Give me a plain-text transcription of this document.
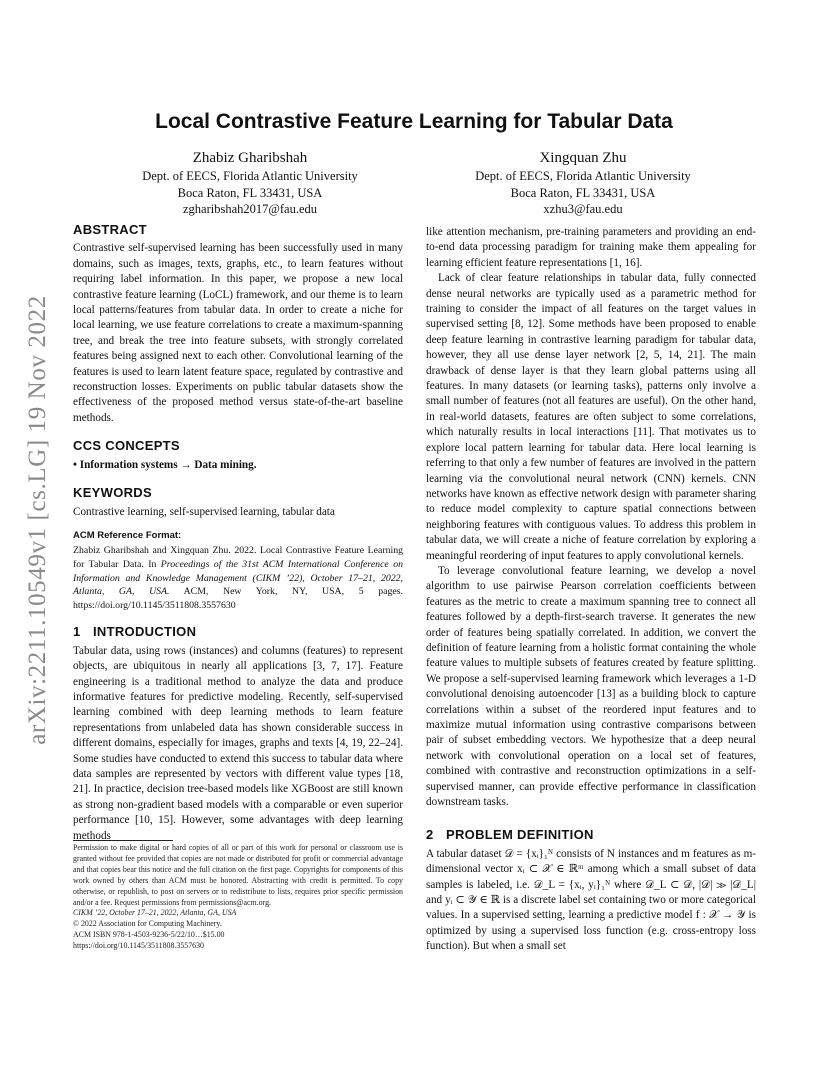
arXiv:2211.10549v1 [cs.LG] 19 Nov 2022
Local Contrastive Feature Learning for Tabular Data
Zhabiz Gharibshah
Dept. of EECS, Florida Atlantic University
Boca Raton, FL 33431, USA
zgharibshah2017@fau.edu
Xingquan Zhu
Dept. of EECS, Florida Atlantic University
Boca Raton, FL 33431, USA
xzhu3@fau.edu
ABSTRACT

Contrastive self-supervised learning has been successfully used in many domains, such as images, texts, graphs, etc., to learn features without requiring label information. In this paper, we propose a new local contrastive feature learning (LoCL) framework, and our theme is to learn local patterns/features from tabular data. In order to create a niche for local learning, we use feature correlations to create a maximum-spanning tree, and break the tree into feature subsets, with strongly correlated features being assigned next to each other. Convolutional learning of the features is used to learn latent feature space, regulated by contrastive and reconstruction losses. Experiments on public tabular datasets show the effectiveness of the proposed method versus state-of-the-art baseline methods.

CCS CONCEPTS

• Information systems → Data mining.

KEYWORDS

Contrastive learning, self-supervised learning, tabular data

ACM Reference Format:

Zhabiz Gharibshah and Xingquan Zhu. 2022. Local Contrastive Feature Learning for Tabular Data. In Proceedings of the 31st ACM International Conference on Information and Knowledge Management (CIKM ’22), October 17–21, 2022, Atlanta, GA, USA. ACM, New York, NY, USA, 5 pages. https://doi.org/10.1145/3511808.3557630

1 INTRODUCTION

Tabular data, using rows (instances) and columns (features) to represent objects, are ubiquitous in nearly all applications [3, 7, 17]. Feature engineering is a traditional method to analyze the data and produce informative features for predictive modeling. Recently, self-supervised learning combined with deep learning methods to learn feature representations from unlabeled data has shown considerable success in different domains, especially for images, graphs and texts [4, 19, 22–24]. Some studies have conducted to extend this success to tabular data where data samples are represented by vectors with different value types [18, 21]. In practice, decision tree-based models like XGBoost are still known as strong non-gradient based models with a comparable or even superior performance [10, 15]. However, some advantages with deep learning methods

Permission to make digital or hard copies of all or part of this work for personal or classroom use is granted without fee provided that copies are not made or distributed for profit or commercial advantage and that copies bear this notice and the full citation on the first page. Copyrights for components of this work owned by others than ACM must be honored. Abstracting with credit is permitted. To copy otherwise, or republish, to post on servers or to redistribute to lists, requires prior specific permission and/or a fee. Request permissions from permissions@acm.org.

CIKM ’22, October 17–21, 2022, Atlanta, GA, USA

© 2022 Association for Computing Machinery.

ACM ISBN 978-1-4503-9236-5/22/10…$15.00

https://doi.org/10.1145/3511808.3557630

like attention mechanism, pre-training parameters and providing an end-to-end data processing paradigm for training make them appealing for learning efficient feature representations [1, 16].

Lack of clear feature relationships in tabular data, fully connected dense neural networks are typically used as a parametric method for training to consider the impact of all features on the target values in supervised setting [8, 12]. Some methods have been proposed to enable deep feature learning in contrastive learning paradigm for tabular data, however, they all use dense layer network [2, 5, 14, 21]. The main drawback of dense layer is that they learn global patterns using all features. In many datasets (or learning tasks), patterns only involve a small number of features (not all features are useful). On the other hand, in real-world datasets, features are often subject to some correlations, which naturally results in local interactions [11]. That motivates us to explore local pattern learning for tabular data. Here local learning is referring to that only a few number of features are involved in the pattern learning via the convolutional neural network (CNN) kernels. CNN networks have known as effective network design with parameter sharing to reduce model complexity to capture spatial connections between neighboring features with contiguous values. To address this problem in tabular data, we will create a niche of feature correlation by exploring a meaningful reordering of input features to apply convolutional kernels.

To leverage convolutional feature learning, we develop a novel algorithm to use pairwise Pearson correlation coefficients between features as the metric to create a maximum spanning tree to connect all features followed by a depth-first-search traverse. It generates the new order of features being spatially correlated. In addition, we convert the definition of feature learning from a holistic format containing the whole feature values to multiple subsets of features created by feature splitting. We propose a self-supervised learning framework which leverages a 1-D convolutional denoising autoencoder [13] as a building block to capture correlations within a subset of the reordered input features and to maximize mutual information using contrastive comparisons between pair of subset embedding vectors. We hypothesize that a deep neural network with convolutional operation on a local set of features, combined with contrastive and reconstruction optimizations in a self-supervised manner, can provide effective performance in classification downstream tasks.

2 PROBLEM DEFINITION

A tabular dataset 𝒟 = {xᵢ}₁ᴺ consists of N instances and m features as m-dimensional vector xᵢ ⊂ 𝒳 ∈ ℝᵐ among which a small subset of data samples is labeled, i.e. 𝒟_L = {xᵢ, yᵢ}₁ᴺ where 𝒟_L ⊂ 𝒟, |𝒟| ≫ |𝒟_L| and yᵢ ⊂ 𝒴 ∈ ℝ is a discrete label set containing two or more categorical values. In a supervised setting, learning a predictive model f : 𝒳 → 𝒴 is optimized by using a supervised loss function (e.g. cross-entropy loss function). But when a small set
